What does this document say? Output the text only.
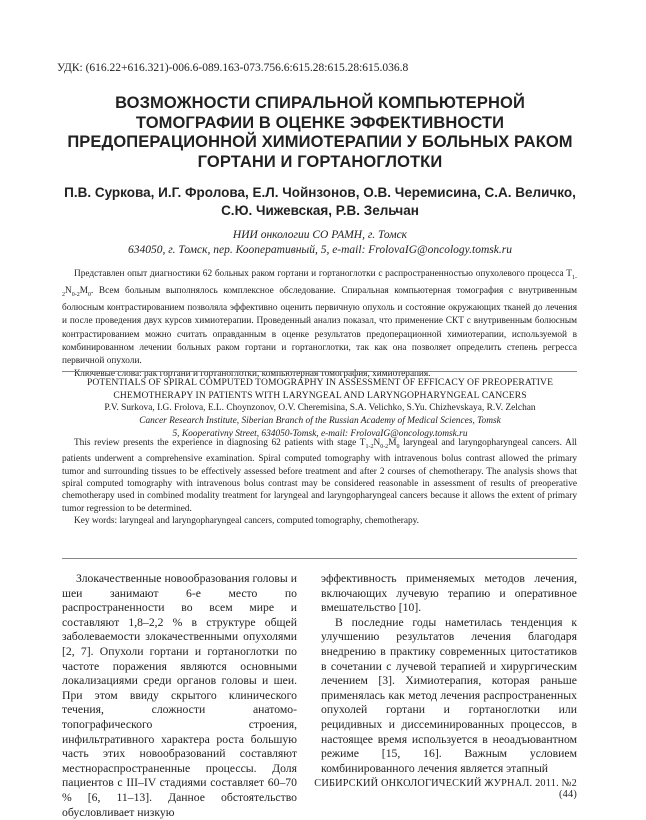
УДК: (616.22+616.321)-006.6-089.163-073.756.6:615.28:615.28:615.036.8
ВОЗМОЖНОСТИ СПИРАЛЬНОЙ КОМПЬЮТЕРНОЙ ТОМОГРАФИИ В ОЦЕНКЕ ЭФФЕКТИВНОСТИ ПРЕДОПЕРАЦИОННОЙ ХИМИОТЕРАПИИ У БОЛЬНЫХ РАКОМ ГОРТАНИ И ГОРТАНОГЛОТКИ
П.В. Суркова, И.Г. Фролова, Е.Л. Чойнзонов, О.В. Черемисина, С.А. Величко, С.Ю. Чижевская, Р.В. Зельчан
НИИ онкологии СО РАМН, г. Томск
634050, г. Томск, пер. Кооперативный, 5, e-mail: FrolovaIG@oncology.tomsk.ru

Представлен опыт диагностики 62 больных раком гортани и гортаноглотки с распространенностью опухолевого процесса $T_{1-2}N_{0-2}M_0$. Всем больным выполнялось комплексное обследование. Спиральная компьютерная томография с внутривенным болюсным контрастированием позволяла эффективно оценить первичную опухоль и состояние окружающих тканей до лечения и после проведения двух курсов химиотерапии. Проведенный анализ показал, что применение СКТ с внутривенным болюсным контрастированием можно считать оправданным в оценке результатов предоперационной химиотерапии, используемой в комбинированном лечении больных раком гортани и гортаноглотки, так как она позволяет определить степень регресса первичной опухоли.

Ключевые слова: рак гортани и гортаноглотки, компьютерная томография, химиотерапия.

POTENTIALS OF SPIRAL COMPUTED TOMOGRAPHY IN ASSESSMENT OF EFFICACY OF PREOPERATIVE CHEMOTHERAPY IN PATIENTS WITH LARYNGEAL AND LARYNGOPHARYNGEAL CANCERS
P.V. Surkova, I.G. Frolova, E.L. Choynzonov, O.V. Cheremisina, S.A. Velichko, S.Yu. Chizhevskaya, R.V. Zelchan
Cancer Research Institute, Siberian Branch of the Russian Academy of Medical Sciences, Tomsk
5, Kooperativny Street, 634050-Tomsk, e-mail: FrolovaIG@oncology.tomsk.ru

This review presents the experience in diagnosing 62 patients with stage $T_{1-2}N_{0-2}M_0$ laryngeal and laryngopharyngeal cancers. All patients underwent a comprehensive examination. Spiral computed tomography with intravenous bolus contrast allowed the primary tumor and surrounding tissues to be effectively assessed before treatment and after 2 courses of chemotherapy. The analysis shows that spiral computed tomography with intravenous bolus contrast may be considered reasonable in assessment of results of preoperative chemotherapy used in combined modality treatment for laryngeal and laryngopharyngeal cancers because it allows the extent of primary tumor regression to be determined.

Key words: laryngeal and laryngopharyngeal cancers, computed tomography, chemotherapy.

Злокачественные новообразования головы и шеи занимают 6-е место по распространенности во всем мире и составляют 1,8–2,2 % в структуре общей заболеваемости злокачественными опухолями [2, 7]. Опухоли гортани и гортаноглотки по частоте поражения являются основными локализациями среди органов головы и шеи. При этом ввиду скрытого клинического течения, сложности анатомо-топографического строения, инфильтративного характера роста большую часть этих новообразований составляют местнораспространенные процессы. Доля пациентов с III–IV стадиями составляет 60–70 % [6, 11–13]. Данное обстоятельство обусловливает низкую

эффективность применяемых методов лечения, включающих лучевую терапию и оперативное вмешательство [10].

В последние годы наметилась тенденция к улучшению результатов лечения благодаря внедрению в практику современных цитостатиков в сочетании с лучевой терапией и хирургическим лечением [3]. Химиотерапия, которая раньше применялась как метод лечения распространенных опухолей гортани и гортаноглотки или рецидивных и диссеминированных процессов, в настоящее время используется в неоадъювантном режиме [15, 16]. Важным условием комбинированного лечения является этапный

СИБИРСКИЙ ОНКОЛОГИЧЕСКИЙ ЖУРНАЛ. 2011. №2 (44)
